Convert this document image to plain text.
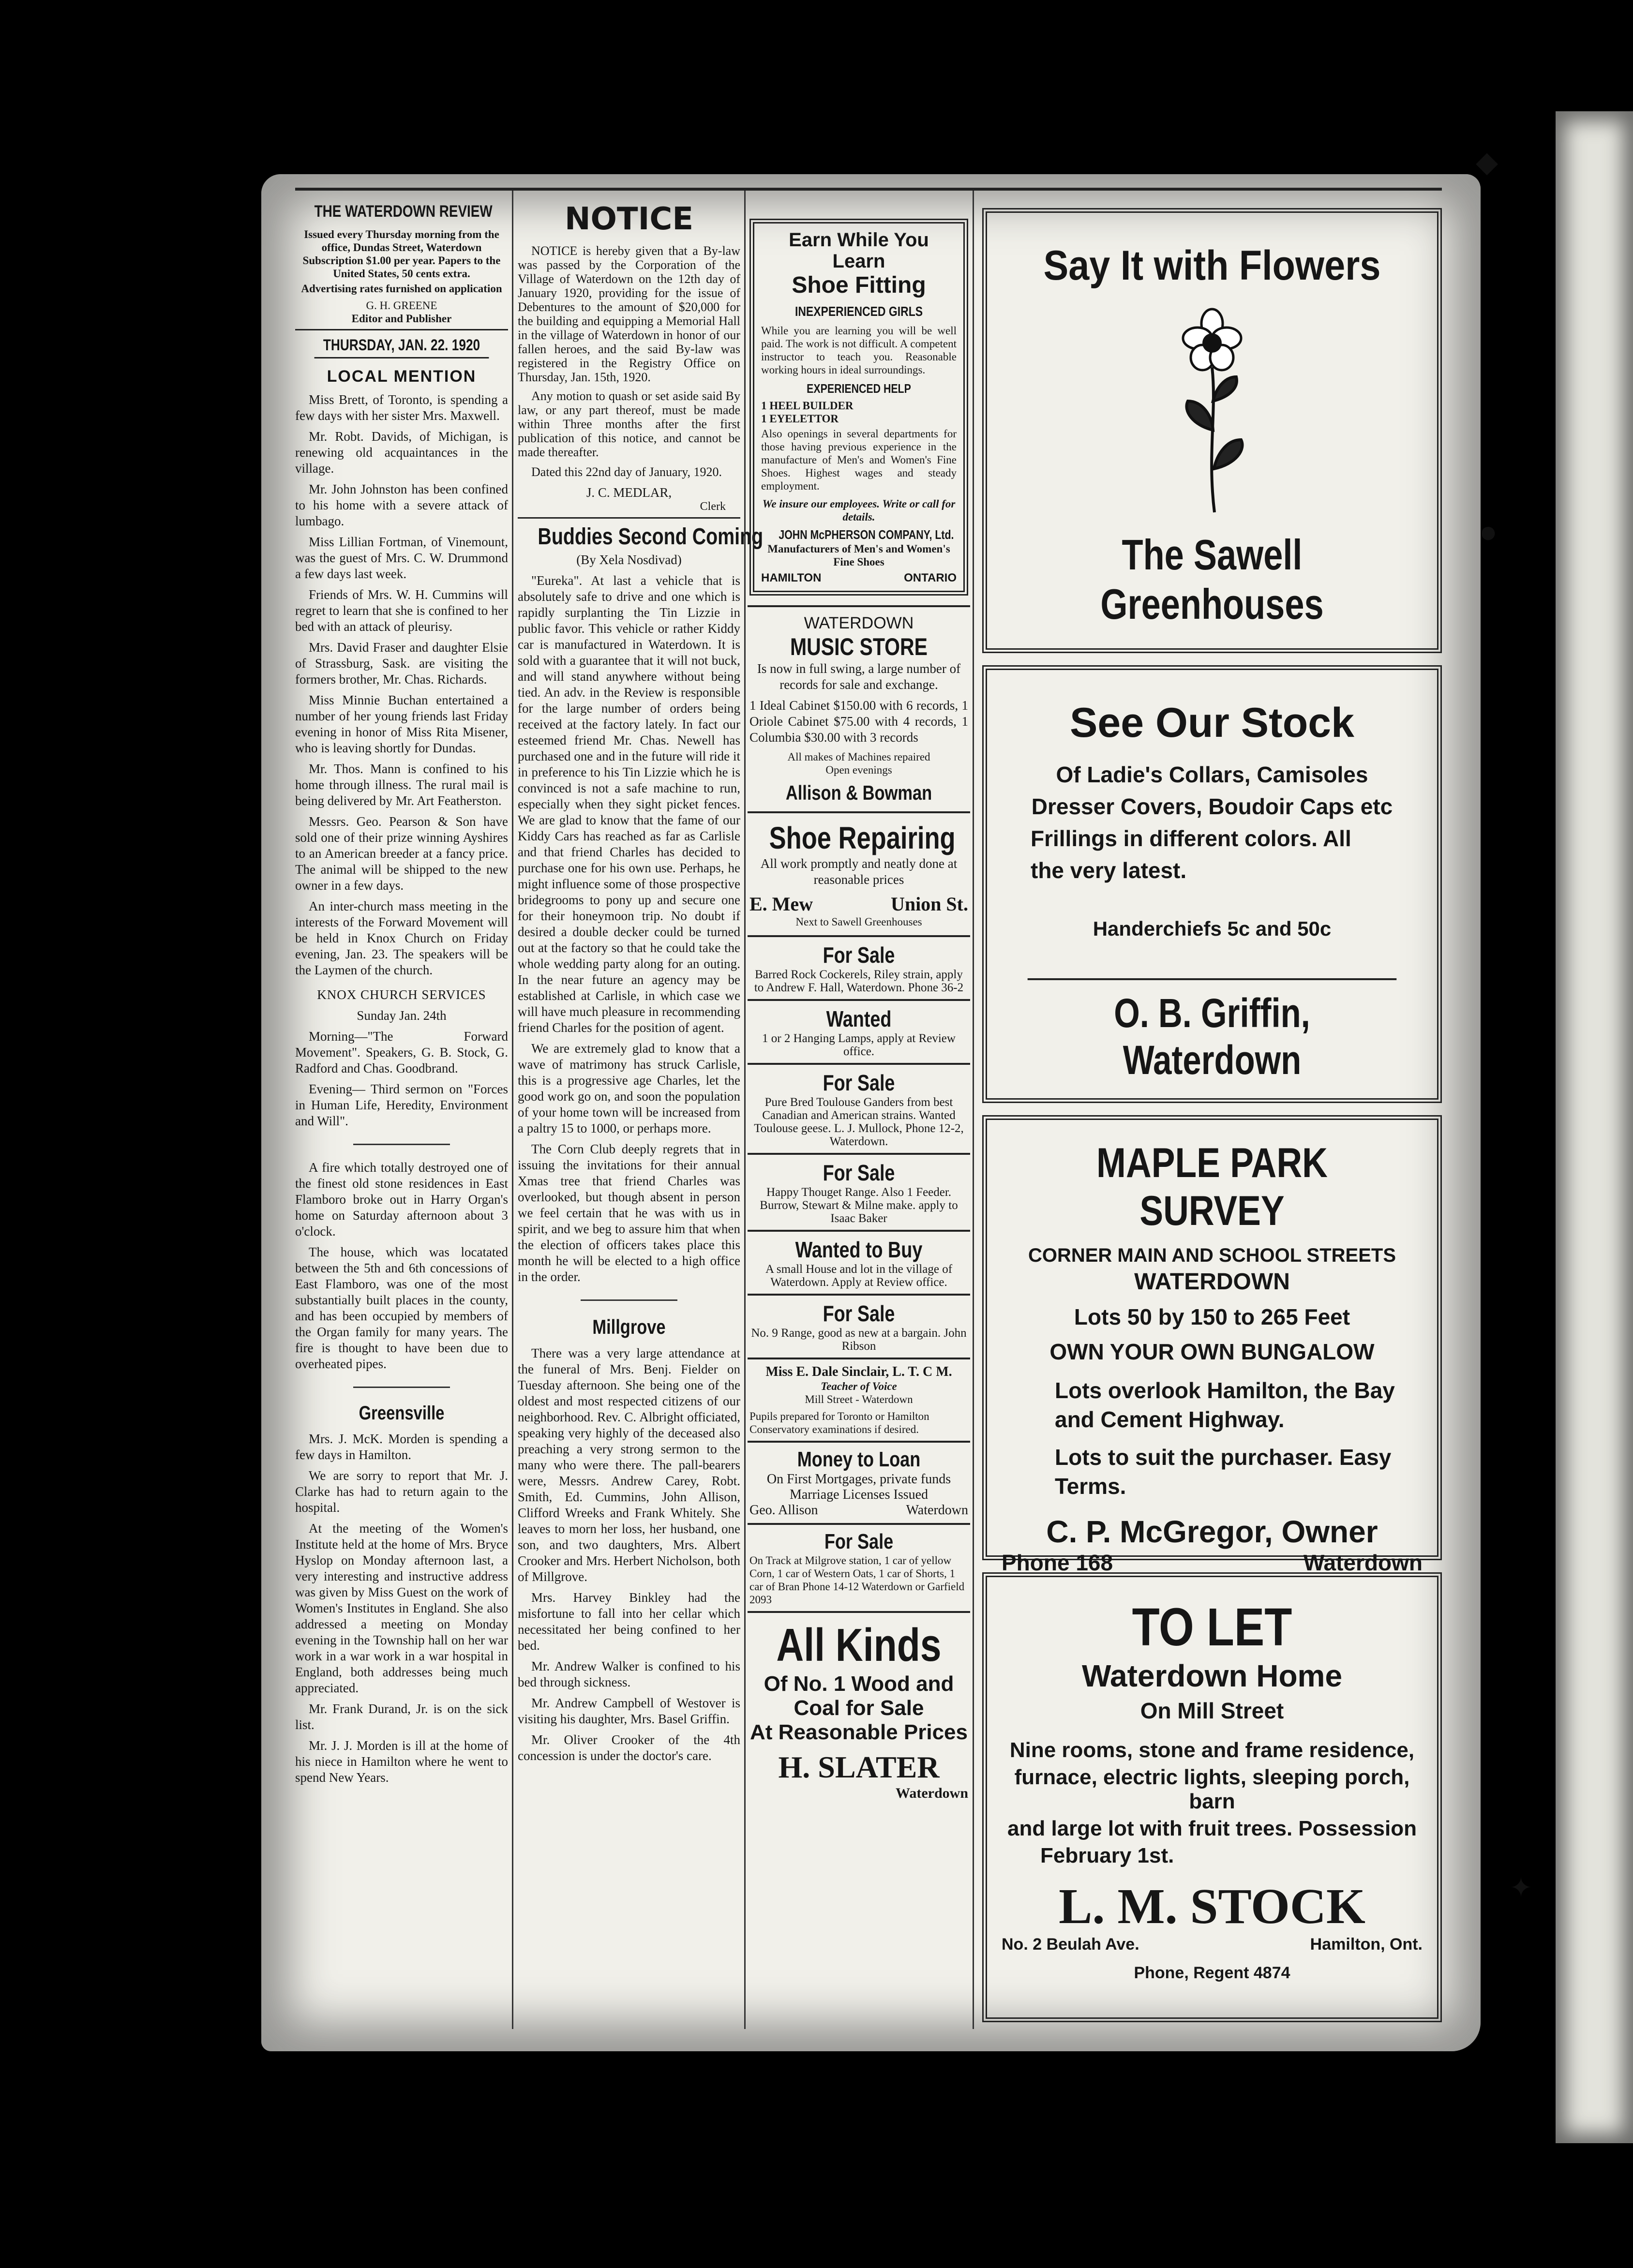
THE WATERDOWN REVIEW
Issued every Thursday morning from the office, Dundas Street, Waterdown
Subscription $1.00 per year. Papers to the United States, 50 cents extra.
Advertising rates furnished on application
G. H. GREENE
Editor and Publisher
THURSDAY, JAN. 22. 1920
LOCAL MENTION

Miss Brett, of Toronto, is spending a few days with her sister Mrs. Maxwell.

Mr. Robt. Davids, of Michigan, is renewing old acquaintances in the village.

Mr. John Johnston has been confined to his home with a severe attack of lumbago.

Miss Lillian Fortman, of Vinemount, was the guest of Mrs. C. W. Drummond a few days last week.

Friends of Mrs. W. H. Cummins will regret to learn that she is confined to her bed with an attack of pleurisy.

Mrs. David Fraser and daughter Elsie of Strassburg, Sask. are visiting the formers brother, Mr. Chas. Richards.

Miss Minnie Buchan entertained a number of her young friends last Friday evening in honor of Miss Rita Misener, who is leaving shortly for Dundas.

Mr. Thos. Mann is confined to his home through illness. The rural mail is being delivered by Mr. Art Featherston.

Messrs. Geo. Pearson & Son have sold one of their prize winning Ayshires to an American breeder at a fancy price. The animal will be shipped to the new owner in a few days.

An inter-church mass meeting in the interests of the Forward Movement will be held in Knox Church on Friday evening, Jan. 23. The speakers will be the Laymen of the church.

KNOX CHURCH SERVICES

Sunday Jan. 24th

Morning—"The Forward Movement". Speakers, G. B. Stock, G. Radford and Chas. Goodbrand.

Evening— Third sermon on "Forces in Human Life, Heredity, Environment and Will".

A fire which totally destroyed one of the finest old stone residences in East Flamboro broke out in Harry Organ's home on Saturday afternoon about 3 o'clock.

The house, which was locatated between the 5th and 6th concessions of East Flamboro, was one of the most substantially built places in the county, and has been occupied by members of the Organ family for many years. The fire is thought to have been due to overheated pipes.

Greensville

Mrs. J. McK. Morden is spending a few days in Hamilton.

We are sorry to report that Mr. J. Clarke has had to return again to the hospital.

At the meeting of the Women's Institute held at the home of Mrs. Bryce Hyslop on Monday afternoon last, a very interesting and instructive address was given by Miss Guest on the work of Women's Institutes in England. She also addressed a meeting on Monday evening in the Township hall on her war work in a war work in a war hospital in England, both addresses being much appreciated.

Mr. Frank Durand, Jr. is on the sick list.

Mr. J. J. Morden is ill at the home of his niece in Hamilton where he went to spend New Years.

NOTICE

NOTICE is hereby given that a By-law was passed by the Corporation of the Village of Waterdown on the 12th day of January 1920, providing for the issue of Debentures to the amount of $20,000 for the building and equipping a Memorial Hall in the village of Waterdown in honor of our fallen heroes, and the said By-law was registered in the Registry Office on Thursday, Jan. 15th, 1920.

Any motion to quash or set aside said By law, or any part thereof, must be made within Three months after the first publication of this notice, and cannot be made thereafter.

Dated this 22nd day of January, 1920.

J. C. MEDLAR,

Clerk

Buddies Second Coming

(By Xela Nosdivad)

"Eureka". At last a vehicle that is absolutely safe to drive and one which is rapidly surplanting the Tin Lizzie in public favor. This vehicle or rather Kiddy car is manufactured in Waterdown. It is sold with a guarantee that it will not buck, and will stand anywhere without being tied. An adv. in the Review is responsible for the large number of orders being received at the factory lately. In fact our esteemed friend Mr. Chas. Newell has purchased one and in the future will ride it in preference to his Tin Lizzie which he is convinced is not a safe machine to run, especially when they sight picket fences. We are glad to know that the fame of our Kiddy Cars has reached as far as Carlisle and that friend Charles has decided to purchase one for his own use. Perhaps, he might influence some of those prospective bridegrooms to pony up and secure one for their honeymoon trip. No doubt if desired a double decker could be turned out at the factory so that he could take the whole wedding party along for an outing. In the near future an agency may be established at Carlisle, in which case we will have much pleasure in recommending friend Charles for the position of agent.

We are extremely glad to know that a wave of matrimony has struck Carlisle, this is a progressive age Charles, let the good work go on, and soon the population of your home town will be increased from a paltry 15 to 1000, or perhaps more.

The Corn Club deeply regrets that in issuing the invitations for their annual Xmas tree that friend Charles was overlooked, but though absent in person we feel certain that he was with us in spirit, and we beg to assure him that when the election of officers takes place this month he will be elected to a high office in the order.

Millgrove

There was a very large attendance at the funeral of Mrs. Benj. Fielder on Tuesday afternoon. She being one of the oldest and most respected citizens of our neighborhood. Rev. C. Albright officiated, speaking very highly of the deceased also preaching a very strong sermon to the many who were there. The pall-bearers were, Messrs. Andrew Carey, Robt. Smith, Ed. Cummins, John Allison, Clifford Wreeks and Frank Whitely. She leaves to morn her loss, her husband, one son, and two daughters, Mrs. Albert Crooker and Mrs. Herbert Nicholson, both of Millgrove.

Mrs. Harvey Binkley had the misfortune to fall into her cellar which necessitated her being confined to her bed.

Mr. Andrew Walker is confined to his bed through sickness.

Mr. Andrew Campbell of Westover is visiting his daughter, Mrs. Basel Griffin.

Mr. Oliver Crooker of the 4th concession is under the doctor's care.

Earn While You
Learn
Shoe Fitting
INEXPERIENCED GIRLS

While you are learning you will be well paid. The work is not difficult. A competent instructor to teach you. Reasonable working hours in ideal surroundings.

EXPERIENCED HELP
1 HEEL BUILDER
1 EYELETTOR

Also openings in several departments for those having previous experience in the manufacture of Men's and Women's Fine Shoes. Highest wages and steady employment.

We insure our employees. Write or call for details.
JOHN McPHERSON COMPANY, Ltd.
Manufacturers of Men's and Women's Fine Shoes
HAMILTON	ONTARIO
WATERDOWN
MUSIC STORE

Is now in full swing, a large number of records for sale and exchange.

1 Ideal Cabinet $150.00 with 6 records, 1 Oriole Cabinet $75.00 with 4 records, 1 Columbia $30.00 with 3 records

All makes of Machines repaired
Open evenings
Allison & Bowman
Shoe Repairing

All work promptly and neatly done at reasonable prices

E. Mew	Union St.
Next to Sawell Greenhouses
For Sale
Barred Rock Cockerels, Riley strain, apply to Andrew F. Hall, Waterdown. Phone 36-2
Wanted
1 or 2 Hanging Lamps, apply at Review office.
For Sale
Pure Bred Toulouse Ganders from best Canadian and American strains. Wanted Toulouse geese. L. J. Mullock, Phone 12-2, Waterdown.
For Sale
Happy Thouget Range. Also 1 Feeder. Burrow, Stewart & Milne make. apply to Isaac Baker
Wanted to Buy
A small House and lot in the village of Waterdown. Apply at Review office.
For Sale
No. 9 Range, good as new at a bargain. John Ribson
Miss E. Dale Sinclair, L. T. C M.
Teacher of Voice
Mill Street - Waterdown
Pupils prepared for Toronto or Hamilton Conservatory examinations if desired.
Money to Loan
On First Mortgages, private funds
Marriage Licenses Issued
Geo. Allison	Waterdown
For Sale
On Track at Milgrove station, 1 car of yellow Corn, 1 car of Western Oats, 1 car of Shorts, 1 car of Bran Phone 14-12 Waterdown or Garfield 2093
All Kinds
Of No. 1 Wood and
Coal for Sale
At Reasonable Prices
H. SLATER
Waterdown
Say It with Flowers
The Sawell Greenhouses
See Our Stock
Of Ladie's Collars, Camisoles
Dresser Covers, Boudoir Caps etc
Frillings in different colors. All
the very latest.
Handerchiefs 5c and 50c
O. B. Griffin, Waterdown
MAPLE PARK SURVEY
CORNER MAIN AND SCHOOL STREETS
WATERDOWN
Lots 50 by 150 to 265 Feet
OWN YOUR OWN BUNGALOW
Lots overlook Hamilton, the Bay
and Cement Highway.
Lots to suit the purchaser. Easy
Terms.
C. P. McGregor, Owner
Phone 168	Waterdown
TO LET
Waterdown Home
On Mill Street
Nine rooms, stone and frame residence,
furnace, electric lights, sleeping porch, barn
and large lot with fruit trees. Possession
February 1st.
L. M. STOCK
No. 2 Beulah Ave.	Hamilton, Ont.
Phone, Regent 4874
◆
●
✦
